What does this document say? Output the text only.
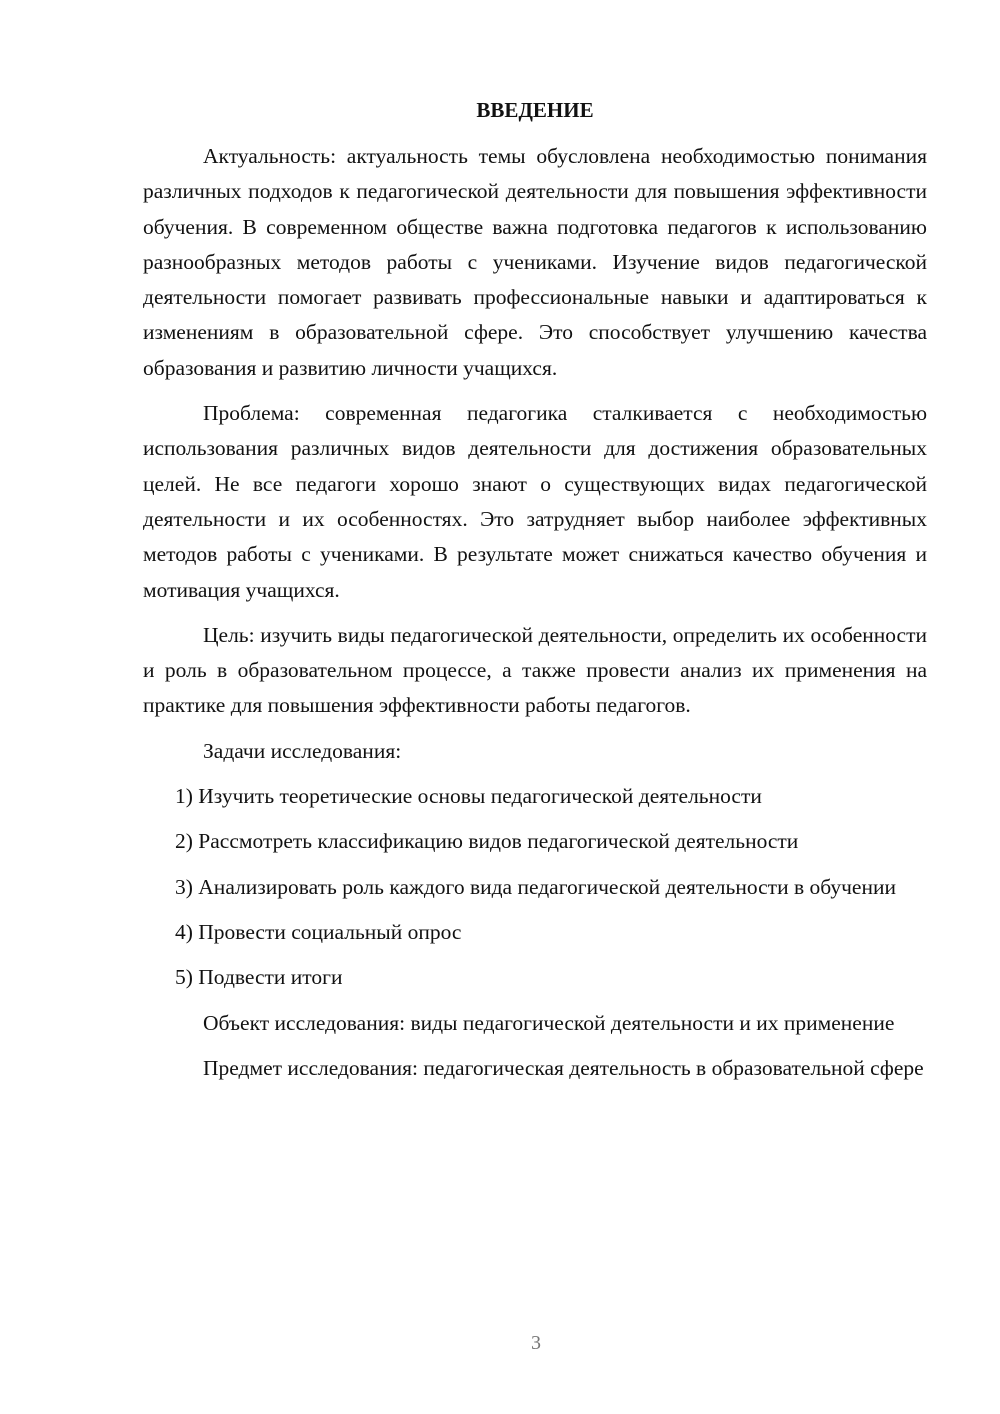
ВВЕДЕНИЕ

Актуальность: актуальность темы обусловлена необходимостью понимания различных подходов к педагогической деятельности для повышения эффективности обучения. В современном обществе важна подготовка педагогов к использованию разнообразных методов работы с учениками. Изучение видов педагогической деятельности помогает развивать профессиональные навыки и адаптироваться к изменениям в образовательной сфере. Это способствует улучшению качества образования и развитию личности учащихся.

Проблема: современная педагогика сталкивается с необходимостью использования различных видов деятельности для достижения образовательных целей. Не все педагоги хорошо знают о существующих видах педагогической деятельности и их особенностях. Это затрудняет выбор наиболее эффективных методов работы с учениками. В результате может снижаться качество обучения и мотивация учащихся.

Цель: изучить виды педагогической деятельности, определить их особенности и роль в образовательном процессе, а также провести анализ их применения на практике для повышения эффективности работы педагогов.

Задачи исследования:

1) Изучить теоретические основы педагогической деятельности

2) Рассмотреть классификацию видов педагогической деятельности

3) Анализировать роль каждого вида педагогической деятельности в обучении

4) Провести социальный опрос

5) Подвести итоги

Объект исследования: виды педагогической деятельности и их применение

Предмет исследования: педагогическая деятельность в образовательной сфере

3
